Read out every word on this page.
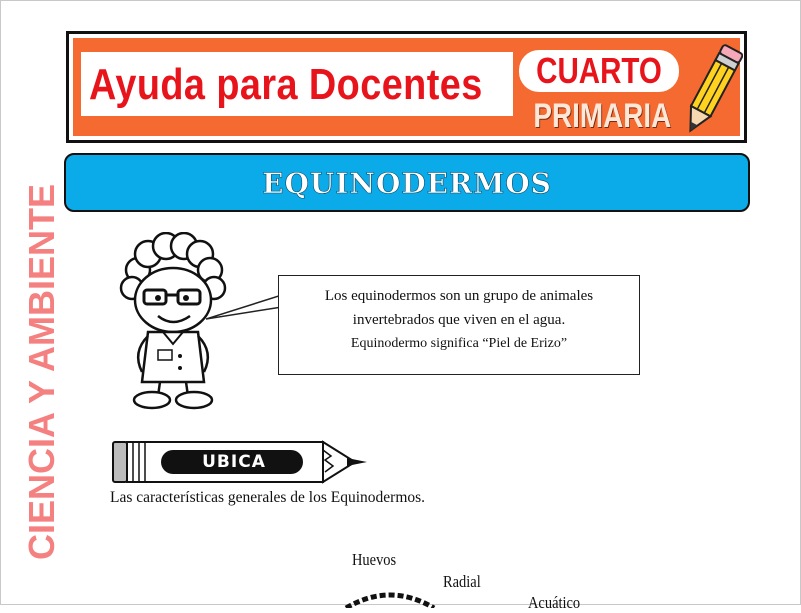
Ayuda para Docentes CUARTO
PRIMARIA
EQUINODERMOS
CIENCIA Y AMBIENTE	Los equinodermos son un grupo de animales
invertebrados que viven en el agua.
Equinodermo significa “Piel de Erizo”
UBICA
Las características generales de los Equinodermos.
Huevos
Radial
Acuático
